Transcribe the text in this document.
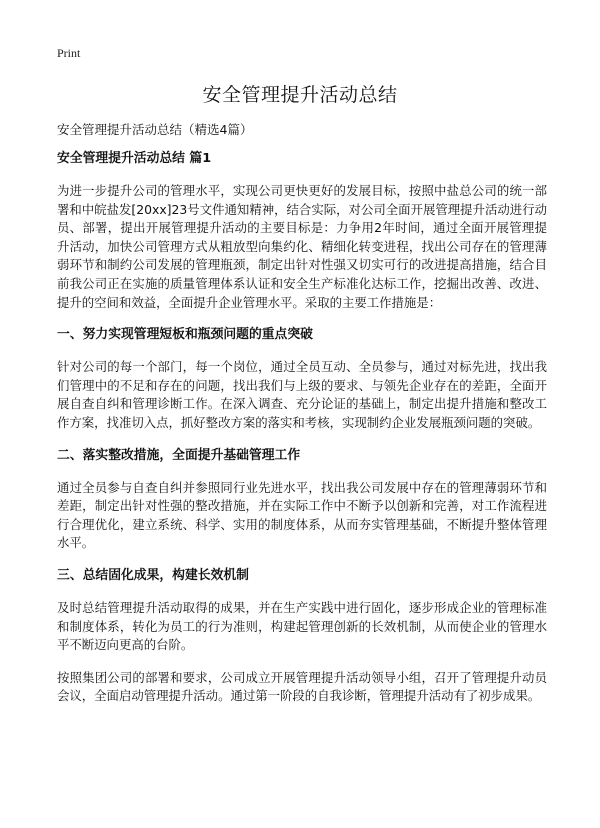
Print
安全管理提升活动总结

安全管理提升活动总结（精选4篇）

安全管理提升活动总结 篇1

为进一步提升公司的管理水平，实现公司更快更好的发展目标，按照中盐总公司的统一部署和中皖盐发[20xx]23号文件通知精神，结合实际，对公司全面开展管理提升活动进行动员、部署，提出开展管理提升活动的主要目标是：力争用2年时间，通过全面开展管理提升活动，加快公司管理方式从粗放型向集约化、精细化转变进程，找出公司存在的管理薄弱环节和制约公司发展的管理瓶颈，制定出针对性强又切实可行的改进提高措施，结合目前我公司正在实施的质量管理体系认证和安全生产标准化达标工作，挖掘出改善、改进、提升的空间和效益，全面提升企业管理水平。采取的主要工作措施是：

一、努力实现管理短板和瓶颈问题的重点突破

针对公司的每一个部门，每一个岗位，通过全员互动、全员参与，通过对标先进，找出我们管理中的不足和存在的问题，找出我们与上级的要求、与领先企业存在的差距，全面开展自查自纠和管理诊断工作。在深入调查、充分论证的基础上，制定出提升措施和整改工作方案，找准切入点，抓好整改方案的落实和考核，实现制约企业发展瓶颈问题的突破。

二、落实整改措施，全面提升基础管理工作

通过全员参与自查自纠并参照同行业先进水平，找出我公司发展中存在的管理薄弱环节和差距，制定出针对性强的整改措施，并在实际工作中不断予以创新和完善，对工作流程进行合理优化，建立系统、科学、实用的制度体系，从而夯实管理基础，不断提升整体管理水平。

三、总结固化成果，构建长效机制

及时总结管理提升活动取得的成果，并在生产实践中进行固化，逐步形成企业的管理标准和制度体系，转化为员工的行为准则，构建起管理创新的长效机制，从而使企业的管理水平不断迈向更高的台阶。

按照集团公司的部署和要求，公司成立开展管理提升活动领导小组，召开了管理提升动员会议，全面启动管理提升活动。通过第一阶段的自我诊断，管理提升活动有了初步成果。
